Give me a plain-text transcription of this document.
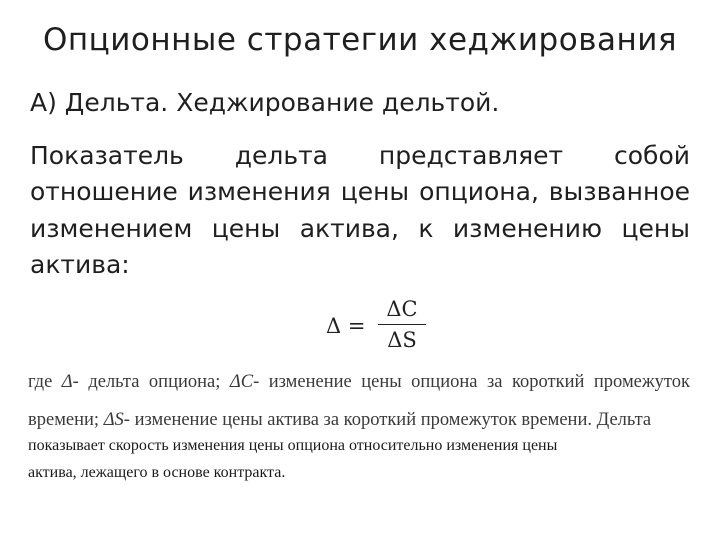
Опционные стратегии хеджирования
А) Дельта. Хеджирование дельтой.
Показатель дельта представляет собой отношение изменения цены опциона, вызванное изменением цены актива, к изменению цены актива:
Δ =
ΔC
ΔS
где Δ- дельта опциона; ΔC- изменение цены опциона за короткий промежуток времени; ΔS- изменение цены актива за короткий промежуток времени. Дельта
показывает скорость изменения цены опциона относительно изменения цены
актива, лежащего в основе контракта.
